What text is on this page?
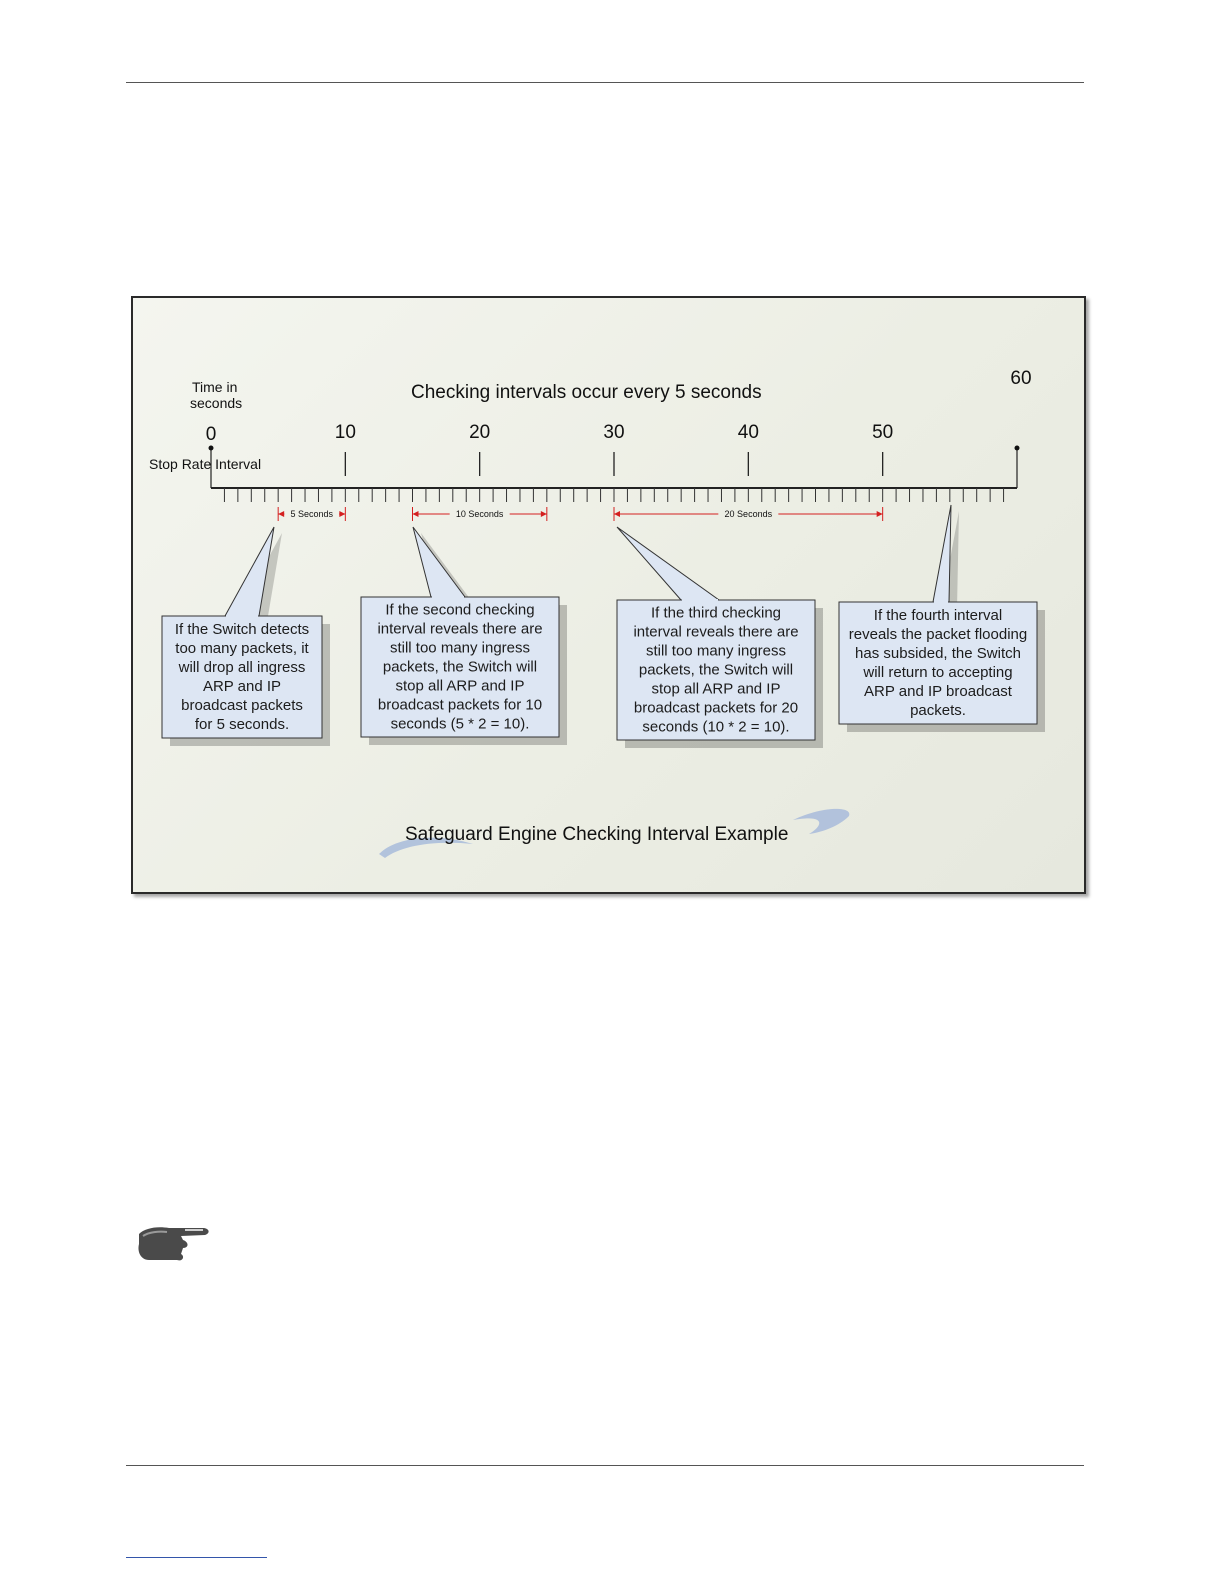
Time in
seconds	Checking intervals occur every 5 seconds
Stop Rate Interval
0	10	20	30	40	50
60
5 Seconds	10 Seconds	20 Seconds
If the Switch detects
too many packets, it
will drop all ingress
ARP and IP
broadcast packets
for 5 seconds.
If the second checking
interval reveals there are
still too many ingress
packets, the Switch will
stop all ARP and IP
broadcast packets for 10
seconds (5 * 2 = 10).
If the third checking
interval reveals there are
still too many ingress
packets, the Switch will
stop all ARP and IP
broadcast packets for 20
seconds (10 * 2 = 10).
If the fourth interval
reveals the packet flooding
has subsided, the Switch
will return to accepting
ARP and IP broadcast
packets.
Safeguard Engine Checking Interval Example
